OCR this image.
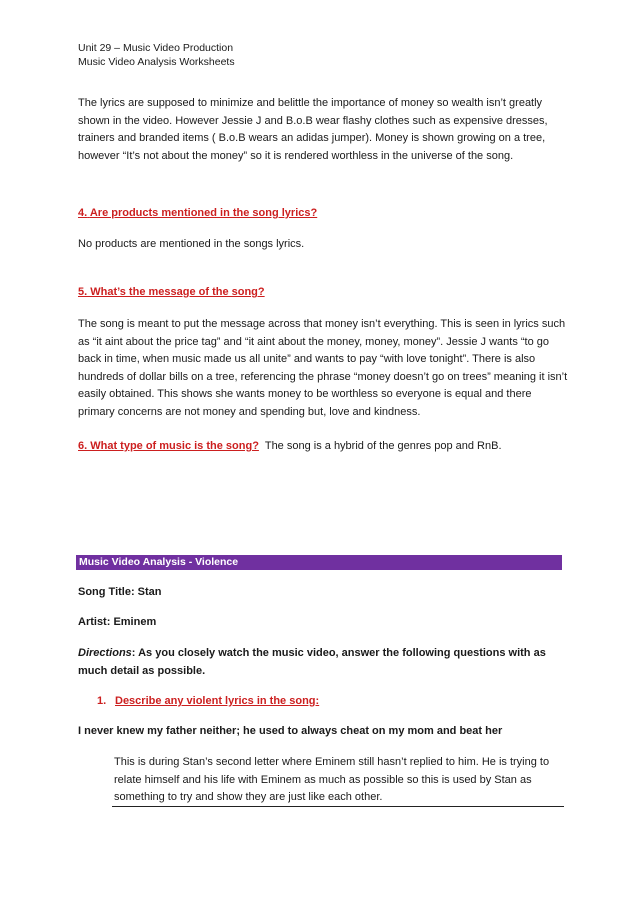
Unit 29 – Music Video Production

Music Video Analysis Worksheets

The lyrics are supposed to minimize and belittle the importance of money so wealth isn’t greatly shown in the video. However Jessie J and B.o.B wear flashy clothes such as expensive dresses, trainers and branded items ( B.o.B wears an adidas jumper). Money is shown growing on a tree, however “It’s not about the money” so it is rendered worthless in the universe of the song.

4. Are products mentioned in the song lyrics?

No products are mentioned in the songs lyrics.

5. What’s the message of the song?

The song is meant to put the message across that money isn’t everything. This is seen in lyrics such as “it aint about the price tag” and “it aint about the money, money, money”. Jessie J wants “to go back in time, when music made us all unite” and wants to pay “with love tonight”. There is also hundreds of dollar bills on a tree, referencing the phrase “money doesn’t go on trees” meaning it isn’t easily obtained. This shows she wants money to be worthless so everyone is equal and there primary concerns are not money and spending but, love and kindness.

6. What type of music is the song? The song is a hybrid of the genres pop and RnB.

Music Video Analysis - Violence

Song Title: Stan

Artist: Eminem

Directions: As you closely watch the music video, answer the following questions with as much detail as possible.

1. Describe any violent lyrics in the song:

I never knew my father neither; he used to always cheat on my mom and beat her

This is during Stan’s second letter where Eminem still hasn’t replied to him. He is trying to relate himself and his life with Eminem as much as possible so this is used by Stan as something to try and show they are just like each other.
